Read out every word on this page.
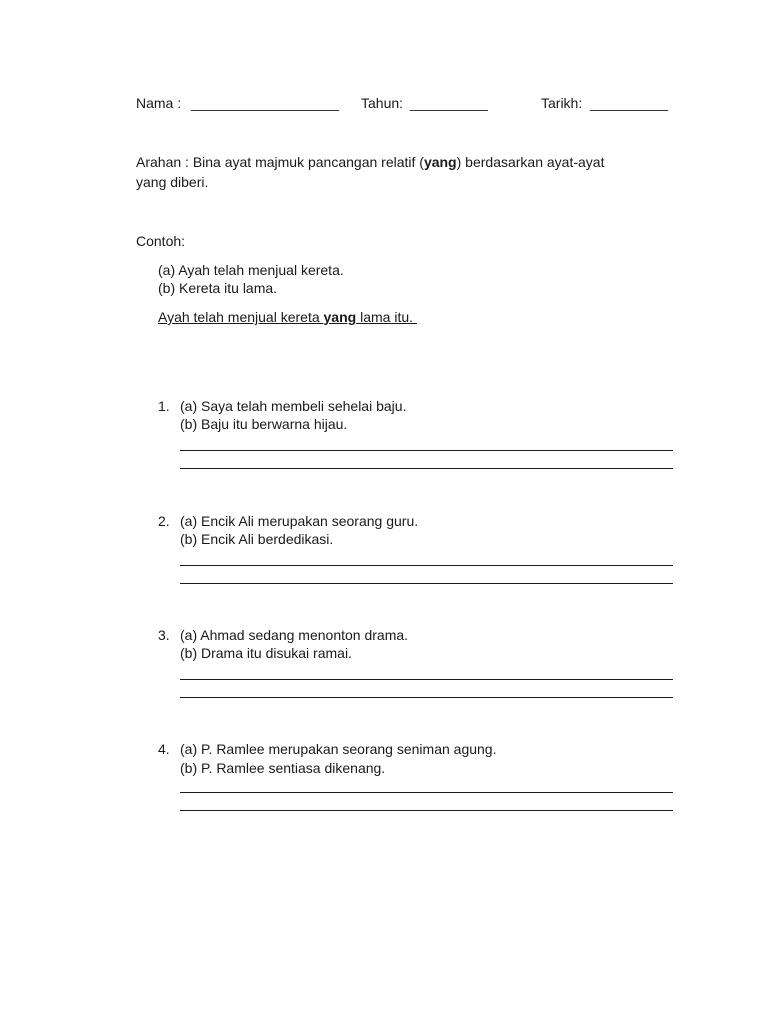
Nama : ___________________ Tahun: __________	Tarikh: __________
Arahan : Bina ayat majmuk pancangan relatif (yang) berdasarkan ayat-ayat
yang diberi.
Contoh:
(a) Ayah telah menjual kereta.
(b) Kereta itu lama.
Ayah telah menjual kereta yang lama itu.
1. (a) Saya telah membeli sehelai baju.
(b) Baju itu berwarna hijau.
2. (a) Encik Ali merupakan seorang guru.
(b) Encik Ali berdedikasi.
3. (a) Ahmad sedang menonton drama.
(b) Drama itu disukai ramai.
4. (a) P. Ramlee merupakan seorang seniman agung.
(b) P. Ramlee sentiasa dikenang.
